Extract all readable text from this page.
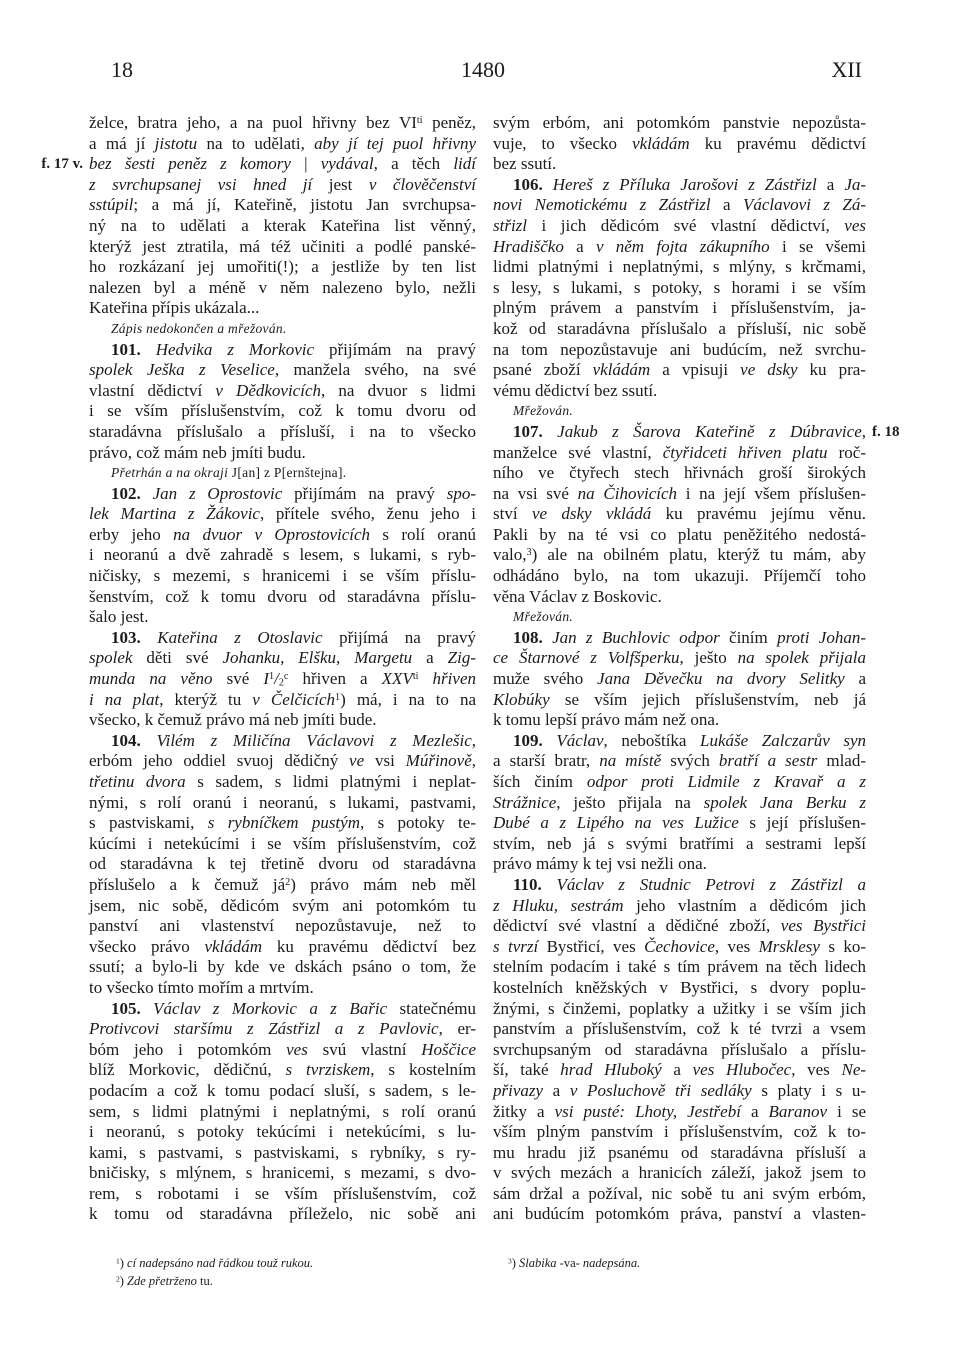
18	1480	XII
želce, bratra jeho, a na puol hřivny bez $VI^{ti}$ peněz,
a má jí jistotu na to udělati, aby jí tej puol hřivny
f. 17 v. bez šesti peněz z komory | vydával, a těch lidí
z svrchupsanej vsi hned jí jest v člověčenství
sstúpil; a má jí, Kateřině, jistotu Jan svrchupsa-
ný na to udělati a kterak Kateřina list věnný,
kterýž jest ztratila, má též učiniti a podlé panské-
ho rozkázaní jej umořiti(!); a jestliže by ten list
nalezen byl a méně v něm nalezeno bylo, nežli
Kateřina přípis ukázala...
Zápis nedokončen a mřežován.
101. Hedvika z Morkovic přijímám na pravý
spolek Ješka z Veselice, manžela svého, na své
vlastní dědictví v Dědkovicích, na dvuor s lidmi
i se vším příslušenstvím, což k tomu dvoru od
staradávna příslušalo a přísluší, i na to všecko
právo, což mám neb jmíti budu.
Přetrhán a na okraji J[an] z P[ernštejna].
102. Jan z Oprostovic přijímám na pravý spo-
lek Martina z Žákovic, přítele svého, ženu jeho i
erby jeho na dvuor v Oprostovicích s rolí oranú
i neoranú a dvě zahradě s lesem, s lukami, s ryb-
ničisky, s mezemi, s hranicemi i se vším příslu-
šenstvím, což k tomu dvoru od staradávna příslu-
šalo jest.
103. Kateřina z Otoslavic přijímá na pravý
spolek děti své Johanku, Elšku, Margetu a Zig-
munda na věno své $I^1/2^c$ hřiven a $XXV^{ti}$ hřiven
i na plat, kterýž tu v Čelčicích$^1$) má, i na to na
všecko, k čemuž právo má neb jmíti bude.
104. Vilém z Miličína Václavovi z Mezlešic,
erbóm jeho oddiel svuoj dědičný ve vsi Múřinově,
třetinu dvora s sadem, s lidmi platnými i neplat-
nými, s rolí oranú i neoranú, s lukami, pastvami,
s pastviskami, s rybníčkem pustým, s potoky te-
kúcími i netekúcími i se vším příslušenstvím, což
od staradávna k tej třetině dvoru od staradávna
příslušelo a k čemuž $já^2$) právo mám neb měl
jsem, nic sobě, dědicóm svým ani potomkóm tu
panství ani vlastenství nepozůstavuje, než to
všecko právo vkládám ku pravému dědictví bez
ssutí; a bylo-li by kde ve dskách psáno o tom, že
to všecko tímto mořím a mrtvím.
105. Václav z Morkovic a z Bařic statečnému
Protivcovi staršímu z Zástřizl a z Pavlovic, er-
bóm jeho i potomkóm ves svú vlastní Hoščice
blíž Morkovic, dědičnú, s tvrziskem, s kostelním
podacím a což k tomu podací sluší, s sadem, s le-
sem, s lidmi platnými i neplatnými, s rolí oranú
i neoranú, s potoky tekúcími i netekúcími, s lu-
kami, s pastvami, s pastviskami, s rybníky, s ry-
bničisky, s mlýnem, s hranicemi, s mezami, s dvo-
rem, s robotami i se vším příslušenstvím, což
k tomu od staradávna příleželo, nic sobě ani
svým erbóm, ani potomkóm panstvie nepozůsta-
vuje, to všecko vkládám ku pravému dědictví
bez ssutí.
106. Hereš z Příluka Jarošovi z Zástřizl a Ja-
novi Nemotickému z Zástřizl a Václavovi z Zá-
střizl i jich dědicóm své vlastní dědictví, ves
Hradiščko a v něm fojta zákupního i se všemi
lidmi platnými i neplatnými, s mlýny, s krčmami,
s lesy, s lukami, s potoky, s horami i se vším
plným právem a panstvím i příslušenstvím, ja-
kož od staradávna příslušalo a přísluší, nic sobě
na tom nepozůstavuje ani budúcím, než svrchu-
psané zboží vkládám a vpisuji ve dsky ku pra-
vému dědictví bez ssutí.
Mřežován.
f. 18
107. Jakub z Šarova Kateřině z Dúbravice,
manželce své vlastní, čtyřidceti hřiven platu roč-
ního ve čtyřech stech hřivnách groší širokých
na vsi své na Čihovicích i na její všem příslušen-
ství ve dsky vkládá ku pravému jejímu věnu.
Pakli by na té vsi co platu peněžitého nedostá-
valo,$^3$) ale na obilném platu, kterýž tu mám, aby
odhádáno bylo, na tom ukazuji. Příjemčí toho
věna Václav z Boskovic.
Mřežován.
108. Jan z Buchlovic odpor činím proti Johan-
ce Štarnové z Volfšperku, ješto na spolek přijala
muže svého Jana Děvečku na dvory Selitky a
Klobúky se vším jejich příslušenstvím, neb já
k tomu lepší právo mám než ona.
109. Václav, neboštíka Lukáše Zalczarův syn
a starší bratr, na místě svých bratří a sestr mlad-
ších činím odpor proti Lidmile z Kravař a z
Strážnice, ješto přijala na spolek Jana Berku z
Dubé a z Lipého na ves Lužice s její příslušen-
stvím, neb já s svými bratřími a sestrami lepší
právo mámy k tej vsi nežli ona.
110. Václav z Studnic Petrovi z Zástřizl a
z Hluku, sestrám jeho vlastním a dědicóm jich
dědictví své vlastní a dědičné zboží, ves Bystřici
s tvrzí Bystřicí, ves Čechovice, ves Mrsklesy s ko-
stelním podacím i také s tím právem na těch lidech
kostelních kněžských v Bystřici, s dvory poplu-
žnými, s činžemi, poplatky a užitky i se vším jich
panstvím a příslušenstvím, což k té tvrzi a vsem
svrchupsaným od staradávna příslušalo a příslu-
ší, také hrad Hluboký a ves Hlubočec, ves Ne-
přivazy a v Posluchově tři sedláky s platy i s u-
žitky a vsi pusté: Lhoty, Jestřebí a Baranov i se
vším plným panstvím i příslušenstvím, což k to-
mu hradu již psanému od staradávna přísluší a
v svých mezách a hranicích záleží, jakož jsem to
sám držal a požíval, nic sobě tu ani svým erbóm,
ani budúcím potomkóm práva, panství a vlasten-
$^1$) cí nadepsáno nad řádkou touž rukou.
$^2$) Zde přetrženo tu.
$^3$) Slabika -va- nadepsána.
